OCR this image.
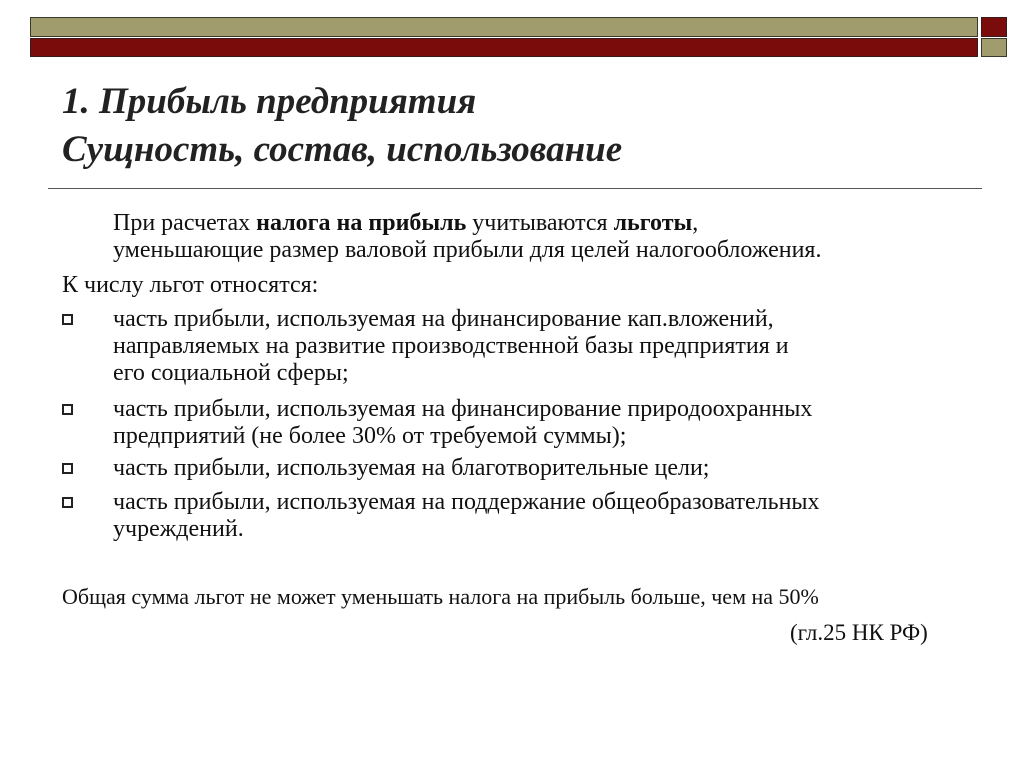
1. Прибыль предприятия
Сущность, состав, использование
При расчетах налога на прибыль учитываются льготы,
уменьшающие размер валовой прибыли для целей налогообложения.
К числу льгот относятся:
часть прибыли, используемая на финансирование кап.вложений,
направляемых на развитие производственной базы предприятия и
его социальной сферы;
часть прибыли, используемая на финансирование природоохранных
предприятий (не более 30% от требуемой суммы);
часть прибыли, используемая на благотворительные цели;
часть прибыли, используемая на поддержание общеобразовательных
учреждений.
Общая сумма льгот не может уменьшать налога на прибыль больше, чем на 50%
(гл.25 НК РФ)
